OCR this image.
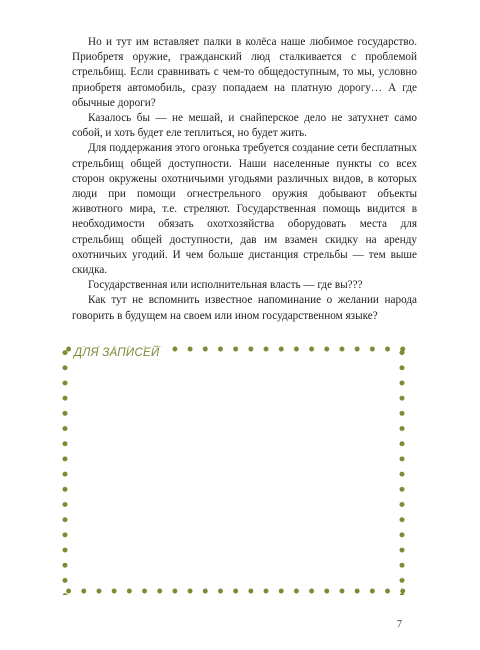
Но и тут им вставляет палки в колёса наше любимое государство. Приобретя оружие, гражданский люд сталкивается с проблемой стрельбищ. Если сравнивать с чем-то общедоступным, то мы, условно приобретя автомобиль, сразу попадаем на платную дорогу… А где обычные дороги?

Казалось бы — не мешай, и снайперское дело не затухнет само собой, и хоть будет еле теплиться, но будет жить.

Для поддержания этого огонька требуется создание сети бесплатных стрельбищ общей доступности. Наши населенные пункты со всех сторон окружены охотничьими угодьями различных видов, в которых люди при помощи огнестрельного оружия добывают объекты животного мира, т.е. стреляют. Государственная помощь видится в необходимости обязать охотхозяйства оборудовать места для стрельбищ общей доступности, дав им взамен скидку на аренду охотничьих угодий. И чем больше дистанция стрельбы — тем выше скидка.

Государственная или исполнительная власть — где вы???

Как тут не вспомнить известное напоминание о желании народа говорить в будущем на своем или ином государственном языке?

ДЛЯ ЗАПИСЕЙ
7
